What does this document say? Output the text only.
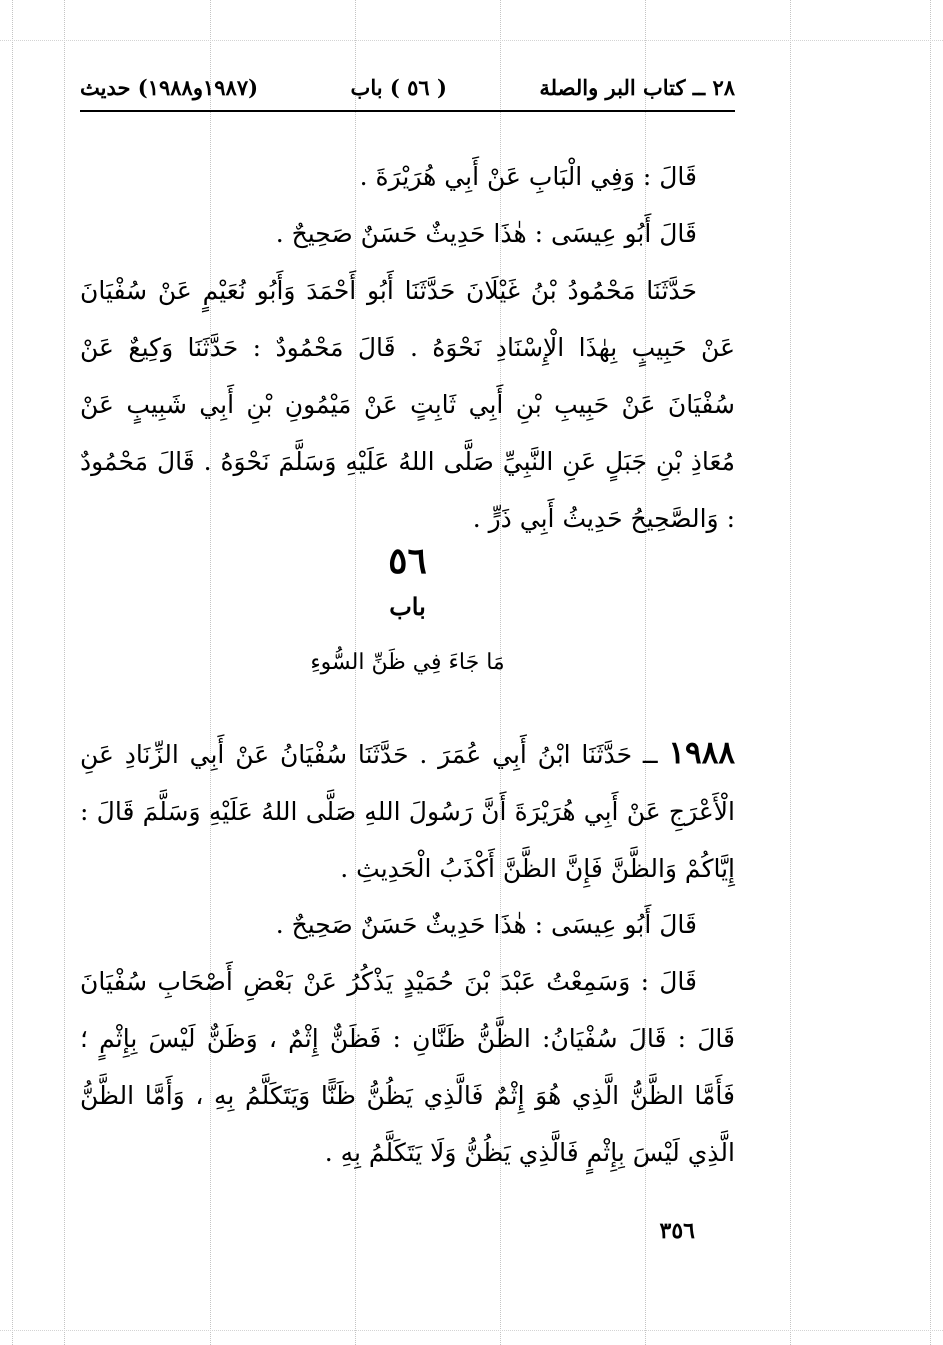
٢٨ ــ كتاب البر والصلة
( ٥٦ ) باب
(١٩٨٧و١٩٨٨) حديث

قَالَ : وَفِي الْبَابِ عَنْ أَبِي هُرَيْرَةَ .

قَالَ أَبُو عِيسَى : هٰذَا حَدِيثٌ حَسَنٌ صَحِيحٌ .

حَدَّثَنَا مَحْمُودُ بْنُ غَيْلَانَ حَدَّثَنَا أَبُو أَحْمَدَ وَأَبُو نُعَيْمٍ عَنْ سُفْيَانَ عَنْ حَبِيبٍ بِهٰذَا الْإِسْنَادِ نَحْوَهُ . قَالَ مَحْمُودٌ : حَدَّثَنَا وَكِيعٌ عَنْ سُفْيَانَ عَنْ حَبِيبِ بْنِ أَبِي ثَابِتٍ عَنْ مَيْمُونِ بْنِ أَبِي شَبِيبٍ عَنْ مُعَاذِ بْنِ جَبَلٍ عَنِ النَّبِيِّ صَلَّى اللهُ عَلَيْهِ وَسَلَّمَ نَحْوَهُ . قَالَ مَحْمُودٌ : وَالصَّحِيحُ حَدِيثُ أَبِي ذَرٍّ .

٥٦
باب
مَا جَاءَ فِي ظَنِّ السُّوءِ

١٩٨٨ ــ حَدَّثَنَا ابْنُ أَبِي عُمَرَ . حَدَّثَنَا سُفْيَانُ عَنْ أَبِي الزِّنَادِ عَنِ الْأَعْرَجِ عَنْ أَبِي هُرَيْرَةَ أَنَّ رَسُولَ اللهِ صَلَّى اللهُ عَلَيْهِ وَسَلَّمَ قَالَ : إِيَّاكُمْ وَالظَّنَّ فَإِنَّ الظَّنَّ أَكْذَبُ الْحَدِيثِ .

قَالَ أَبُو عِيسَى : هٰذَا حَدِيثٌ حَسَنٌ صَحِيحٌ .

قَالَ : وَسَمِعْتُ عَبْدَ بْنَ حُمَيْدٍ يَذْكُرُ عَنْ بَعْضِ أَصْحَابِ سُفْيَانَ قَالَ : قَالَ سُفْيَانُ: الظَّنُّ ظَنَّانِ : فَظَنٌّ إِثْمٌ ، وَظَنٌّ لَيْسَ بِإِثْمٍ ؛ فَأَمَّا الظَّنُّ الَّذِي هُوَ إِثْمٌ فَالَّذِي يَظُنُّ ظَنًّا وَيَتَكَلَّمُ بِهِ ، وَأَمَّا الظَّنُّ الَّذِي لَيْسَ بِإِثْمٍ فَالَّذِي يَظُنُّ وَلَا يَتَكَلَّمُ بِهِ .

٣٥٦
